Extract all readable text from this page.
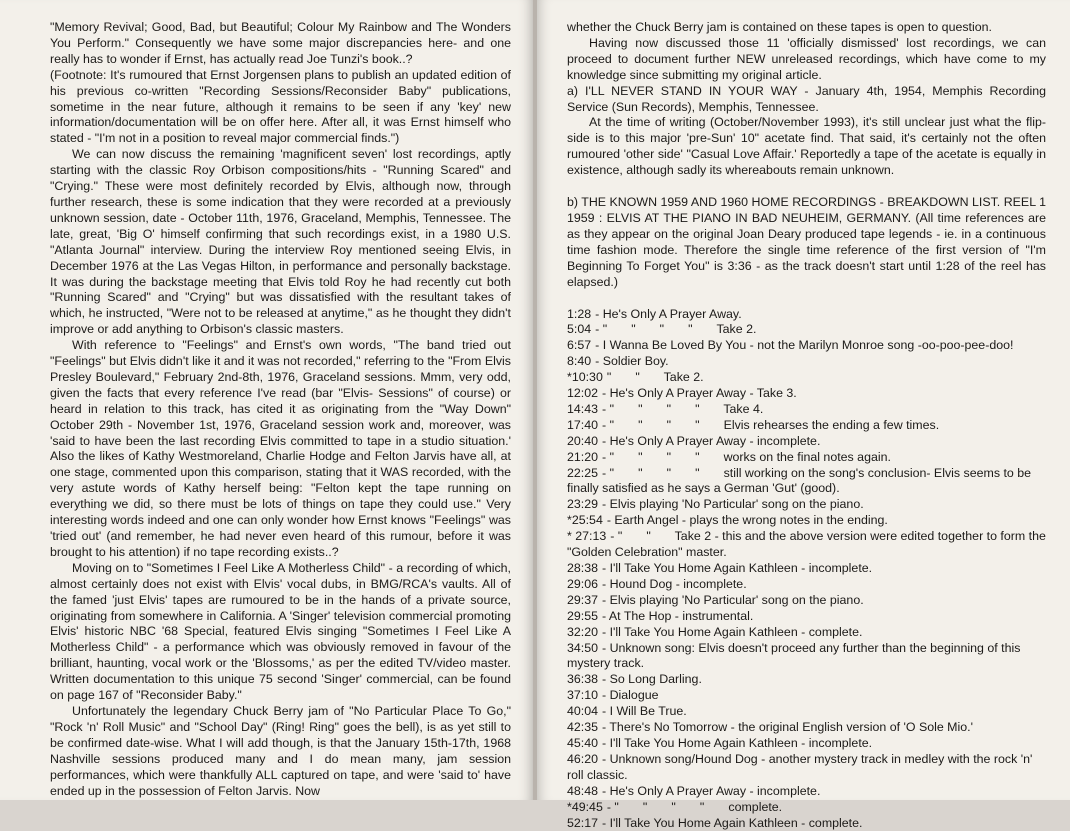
"Memory Revival; Good, Bad, but Beautiful; Colour My Rainbow and The Wonders You Perform." Consequently we have some major discrepancies here- and one really has to wonder if Ernst, has actually read Joe Tunzi's book..?

(Footnote: It's rumoured that Ernst Jorgensen plans to publish an updated edition of his previous co-written "Recording Sessions/Reconsider Baby" publications, sometime in the near future, although it remains to be seen if any 'key' new information/documentation will be on offer here. After all, it was Ernst himself who stated - "I'm not in a position to reveal major commercial finds.")

We can now discuss the remaining 'magnificent seven' lost recordings, aptly starting with the classic Roy Orbison compositions/hits - "Running Scared" and "Crying." These were most definitely recorded by Elvis, although now, through further research, these is some indication that they were recorded at a previously unknown session, date - October 11th, 1976, Graceland, Memphis, Tennessee. The late, great, 'Big O' himself confirming that such recordings exist, in a 1980 U.S. "Atlanta Journal" interview. During the interview Roy mentioned seeing Elvis, in December 1976 at the Las Vegas Hilton, in performance and personally backstage. It was during the backstage meeting that Elvis told Roy he had recently cut both "Running Scared" and "Crying" but was dissatisfied with the resultant takes of which, he instructed, "Were not to be released at anytime," as he thought they didn't improve or add anything to Orbison's classic masters.

With reference to "Feelings" and Ernst's own words, "The band tried out "Feelings" but Elvis didn't like it and it was not recorded," referring to the "From Elvis Presley Boulevard," February 2nd-8th, 1976, Graceland sessions. Mmm, very odd, given the facts that every reference I've read (bar "Elvis- Sessions" of course) or heard in relation to this track, has cited it as originating from the "Way Down" October 29th - November 1st, 1976, Graceland session work and, moreover, was 'said to have been the last recording Elvis committed to tape in a studio situation.' Also the likes of Kathy Westmoreland, Charlie Hodge and Felton Jarvis have all, at one stage, commented upon this comparison, stating that it WAS recorded, with the very astute words of Kathy herself being: "Felton kept the tape running on everything we did, so there must be lots of things on tape they could use." Very interesting words indeed and one can only wonder how Ernst knows "Feelings" was 'tried out' (and remember, he had never even heard of this rumour, before it was brought to his attention) if no tape recording exists..?

Moving on to "Sometimes I Feel Like A Motherless Child" - a recording of which, almost certainly does not exist with Elvis' vocal dubs, in BMG/RCA's vaults. All of the famed 'just Elvis' tapes are rumoured to be in the hands of a private source, originating from somewhere in California. A 'Singer' television commercial promoting Elvis' historic NBC '68 Special, featured Elvis singing "Sometimes I Feel Like A Motherless Child" - a performance which was obviously removed in favour of the brilliant, haunting, vocal work or the 'Blossoms,' as per the edited TV/video master. Written documentation to this unique 75 second 'Singer' commercial, can be found on page 167 of "Reconsider Baby."

Unfortunately the legendary Chuck Berry jam of "No Particular Place To Go," "Rock 'n' Roll Music" and "School Day" (Ring! Ring" goes the bell), is as yet still to be confirmed date-wise. What I will add though, is that the January 15th-17th, 1968 Nashville sessions produced many and I do mean many, jam session performances, which were thankfully ALL captured on tape, and were 'said to' have ended up in the possession of Felton Jarvis. Now

whether the Chuck Berry jam is contained on these tapes is open to question.

Having now discussed those 11 'officially dismissed' lost recordings, we can proceed to document further NEW unreleased recordings, which have come to my knowledge since submitting my original article.

a) I'LL NEVER STAND IN YOUR WAY - January 4th, 1954, Memphis Recording Service (Sun Records), Memphis, Tennessee.

At the time of writing (October/November 1993), it's still unclear just what the flip-side is to this major 'pre-Sun' 10" acetate find. That said, it's certainly not the often rumoured 'other side' "Casual Love Affair.' Reportedly a tape of the acetate is equally in existence, although sadly its whereabouts remain unknown.

b) THE KNOWN 1959 AND 1960 HOME RECORDINGS - BREAKDOWN LIST. REEL 1 1959 : ELVIS AT THE PIANO IN BAD NEUHEIM, GERMANY. (All time references are as they appear on the original Joan Deary produced tape legends - ie. in a continuous time fashion mode. Therefore the single time reference of the first version of "I'm Beginning To Forget You" is 3:36 - as the track doesn't start until 1:28 of the reel has elapsed.)

1:28 - He's Only A Prayer Away.
5:04 - "       "       "       "       Take 2.
6:57 - I Wanna Be Loved By You - not the Marilyn Monroe song -oo-poo-pee-doo!
8:40 - Soldier Boy.
*10:30 "       "       Take 2.
12:02 - He's Only A Prayer Away - Take 3.
14:43 - "       "       "       "       Take 4.
17:40 - "       "       "       "       Elvis rehearses the ending a few times.
20:40 - He's Only A Prayer Away - incomplete.
21:20 - "       "       "       "       works on the final notes again.
22:25 - "       "       "       "       still working on the song's conclusion- Elvis seems to be finally satisfied as he says a German 'Gut' (good).
23:29 - Elvis playing 'No Particular' song on the piano.
*25:54 - Earth Angel - plays the wrong notes in the ending.
* 27:13 - "       "       Take 2 - this and the above version were edited together to form the "Golden Celebration" master.
28:38 - I'll Take You Home Again Kathleen - incomplete.
29:06 - Hound Dog - incomplete.
29:37 - Elvis playing 'No Particular' song on the piano.
29:55 - At The Hop - instrumental.
32:20 - I'll Take You Home Again Kathleen - complete.
34:50 - Unknown song: Elvis doesn't proceed any further than the beginning of this mystery track.
36:38 - So Long Darling.
37:10 - Dialogue
40:04 - I Will Be True.
42:35 - There's No Tomorrow - the original English version of 'O Sole Mio.'
45:40 - I'll Take You Home Again Kathleen - incomplete.
46:20 - Unknown song/Hound Dog - another mystery track in medley with the rock 'n' roll classic.
48:48 - He's Only A Prayer Away - incomplete.
*49:45 - "       "       "       "       complete.
52:17 - I'll Take You Home Again Kathleen - complete.
